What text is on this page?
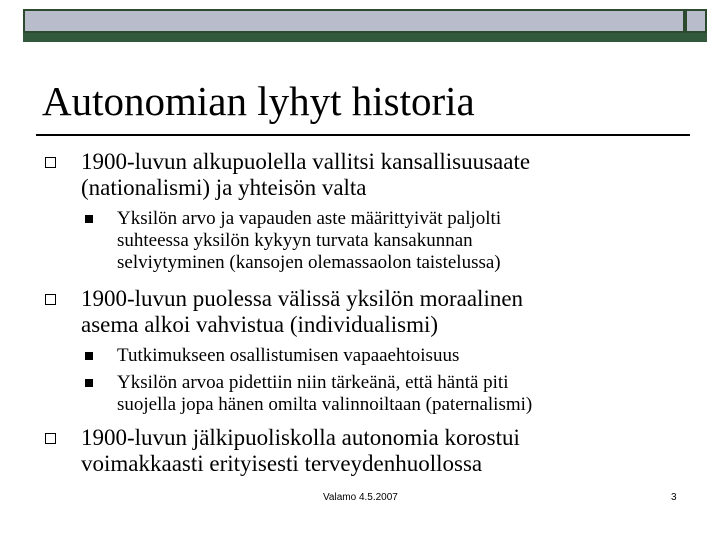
Autonomian lyhyt historia
1900-luvun alkupuolella vallitsi kansallisuusaate
(nationalismi) ja yhteisön valta
Yksilön arvo ja vapauden aste määrittyivät paljolti
suhteessa yksilön kykyyn turvata kansakunnan
selviytyminen (kansojen olemassaolon taistelussa)
1900-luvun puolessa välissä yksilön moraalinen
asema alkoi vahvistua (individualismi)
Tutkimukseen osallistumisen vapaaehtoisuus
Yksilön arvoa pidettiin niin tärkeänä, että häntä piti
suojella jopa hänen omilta valinnoiltaan (paternalismi)
1900-luvun jälkipuoliskolla autonomia korostui
voimakkaasti erityisesti terveydenhuollossa
Valamo 4.5.2007	3
